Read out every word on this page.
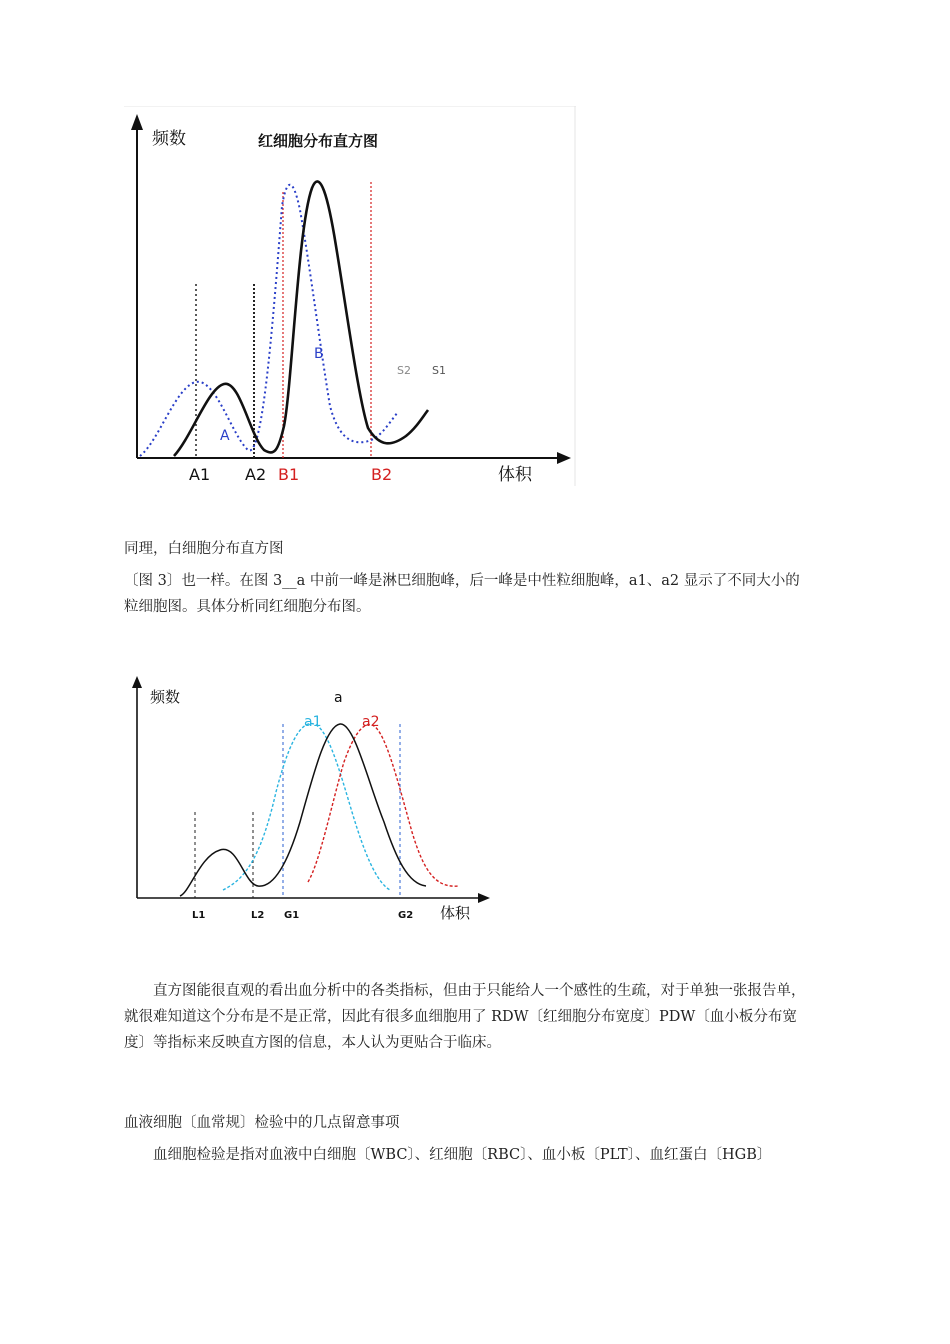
频数	红细胞分布直方图
体积
A
B
S2 S1
A1 A2 B1	B2

同理，白细胞分布直方图

〔图 3〕也一样。在图 3__a 中前一峰是淋巴细胞峰，后一峰是中性粒细胞峰，a1、a2 显示了不同大小的粒细胞图。具体分析同红细胞分布图。

频数
体积
a
a1	a2
L1	L2 G1	G2

直方图能很直观的看出血分析中的各类指标，但由于只能给人一个感性的生疏，对于单独一张报告单，就很难知道这个分布是不是正常，因此有很多血细胞用了 RDW〔红细胞分布宽度〕PDW〔血小板分布宽度〕等指标来反映直方图的信息，本人认为更贴合于临床。

血液细胞〔血常规〕检验中的几点留意事项

血细胞检验是指对血液中白细胞〔WBC〕、红细胞〔RBC〕、血小板〔PLT〕、血红蛋白〔HGB〕
